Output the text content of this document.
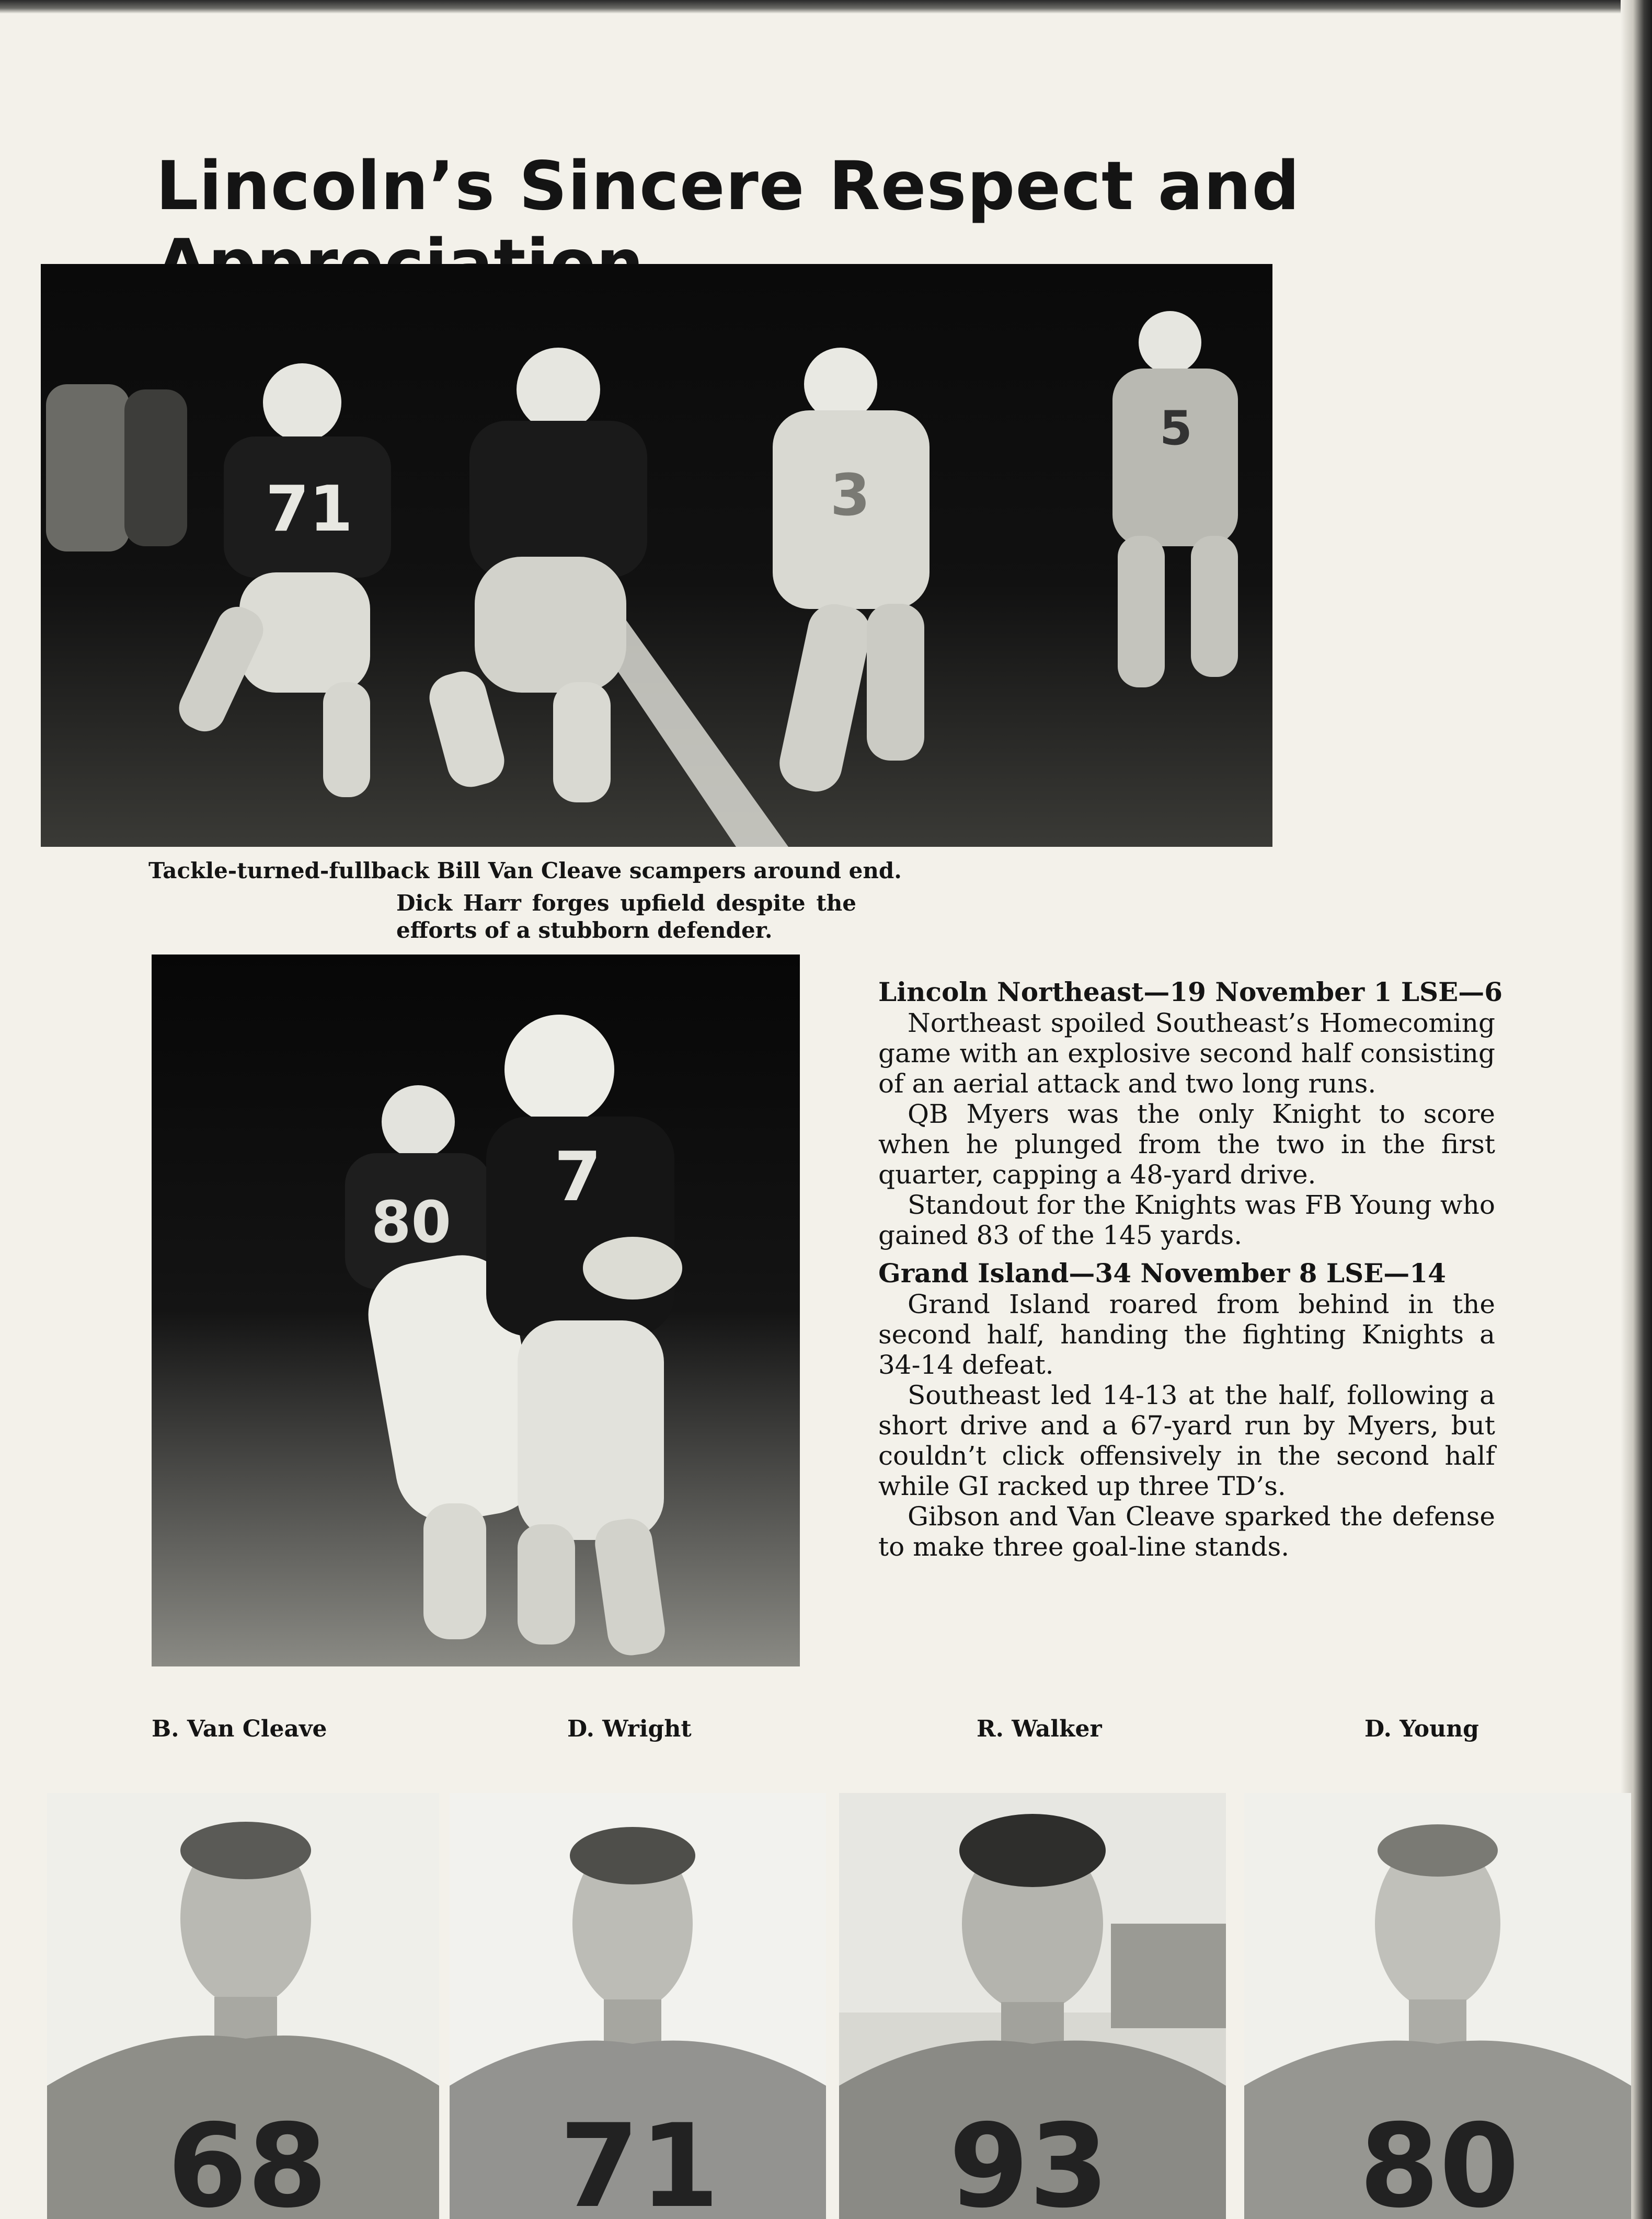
Lincoln’s Sincere Respect and
71	3
5
Tackle-turned-fullback Bill Van Cleave scampers around end.
Dick Harr forges upfield despite the efforts of a stubborn defender.
80
7

Lincoln Northeast—19 November 1 LSE—6

Northeast spoiled Southeast’s Homecoming game with an explosive second half consisting of an aerial attack and two long runs.

QB Myers was the only Knight to score when he plunged from the two in the first quarter, capping a 48-yard drive.

Standout for the Knights was FB Young who gained 83 of the 145 yards.

Grand Island—34 November 8 LSE—14

Grand Island roared from behind in the second half, handing the fighting Knights a 34-14 defeat.

Southeast led 14-13 at the half, following a short drive and a 67-yard run by Myers, but couldn’t click offensively in the second half while GI racked up three TD’s.

Gibson and Van Cleave sparked the defense to make three goal-line stands.

B. Van Cleave	D. Wright	R. Walker	D. Young
68 71 93 80
